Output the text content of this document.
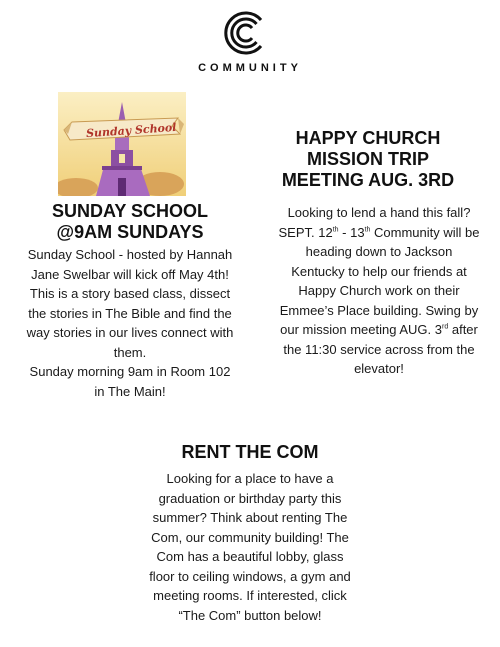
COMMUNITY
Sunday School
SUNDAY SCHOOL
@9AM SUNDAYS
Sunday School - hosted by Hannah
Jane Swelbar will kick off May 4th!
This is a story based class, dissect
the stories in The Bible and find the
way stories in our lives connect with
them.
Sunday morning 9am in Room 102
in The Main!
HAPPY CHURCH
MISSION TRIP
MEETING AUG. 3RD
Looking to lend a hand this fall?
SEPT. 12th - 13th Community will be
heading down to Jackson
Kentucky to help our friends at
Happy Church work on their
Emmee’s Place building. Swing by
our mission meeting AUG. 3rd after
the 11:30 service across from the
elevator!
RENT THE COM
Looking for a place to have a
graduation or birthday party this
summer? Think about renting The
Com, our community building! The
Com has a beautiful lobby, glass
floor to ceiling windows, a gym and
meeting rooms. If interested, click
“The Com” button below!
